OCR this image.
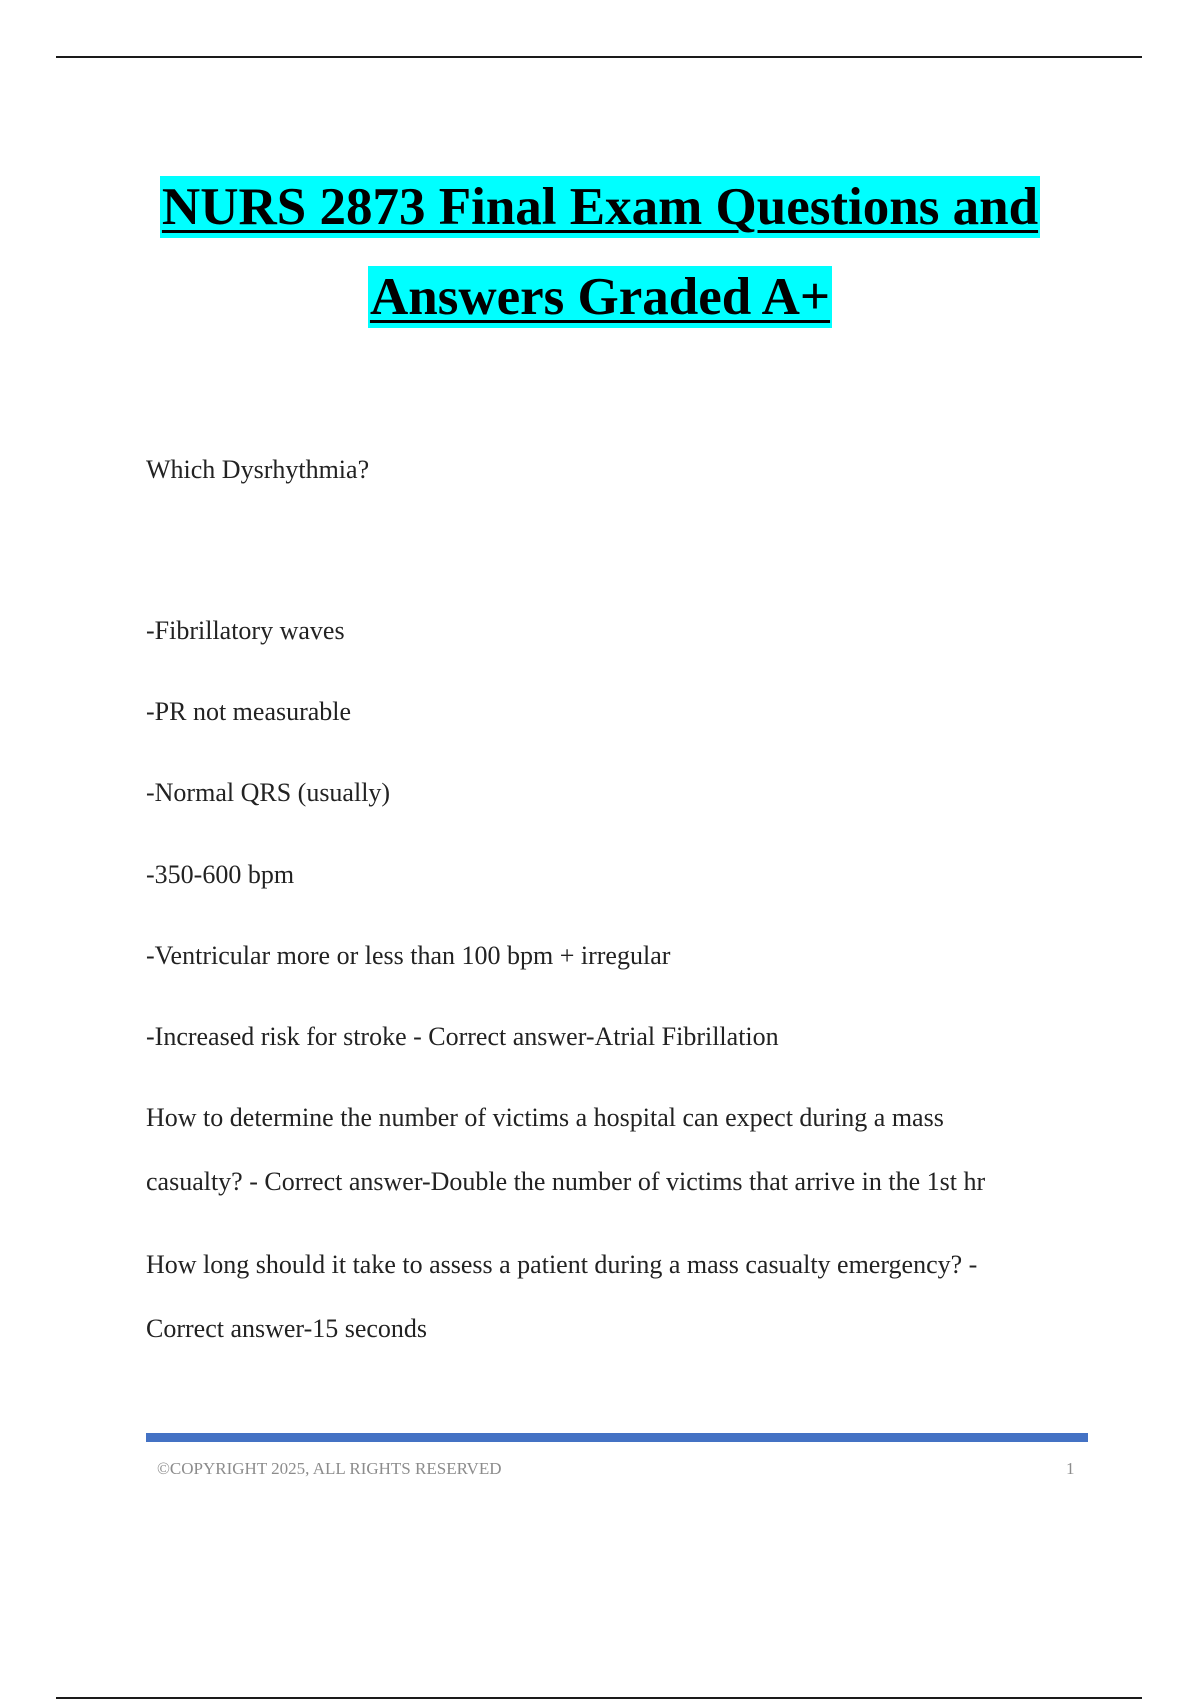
NURS 2873 Final Exam Questions and
Answers Graded A+
Which Dysrhythmia?
-Fibrillatory waves
-PR not measurable
-Normal QRS (usually)
-350-600 bpm
-Ventricular more or less than 100 bpm + irregular
-Increased risk for stroke - Correct answer-Atrial Fibrillation
How to determine the number of victims a hospital can expect during a mass
casualty? - Correct answer-Double the number of victims that arrive in the 1st hr
How long should it take to assess a patient during a mass casualty emergency? -
Correct answer-15 seconds
©COPYRIGHT 2025, ALL RIGHTS RESERVED	1
